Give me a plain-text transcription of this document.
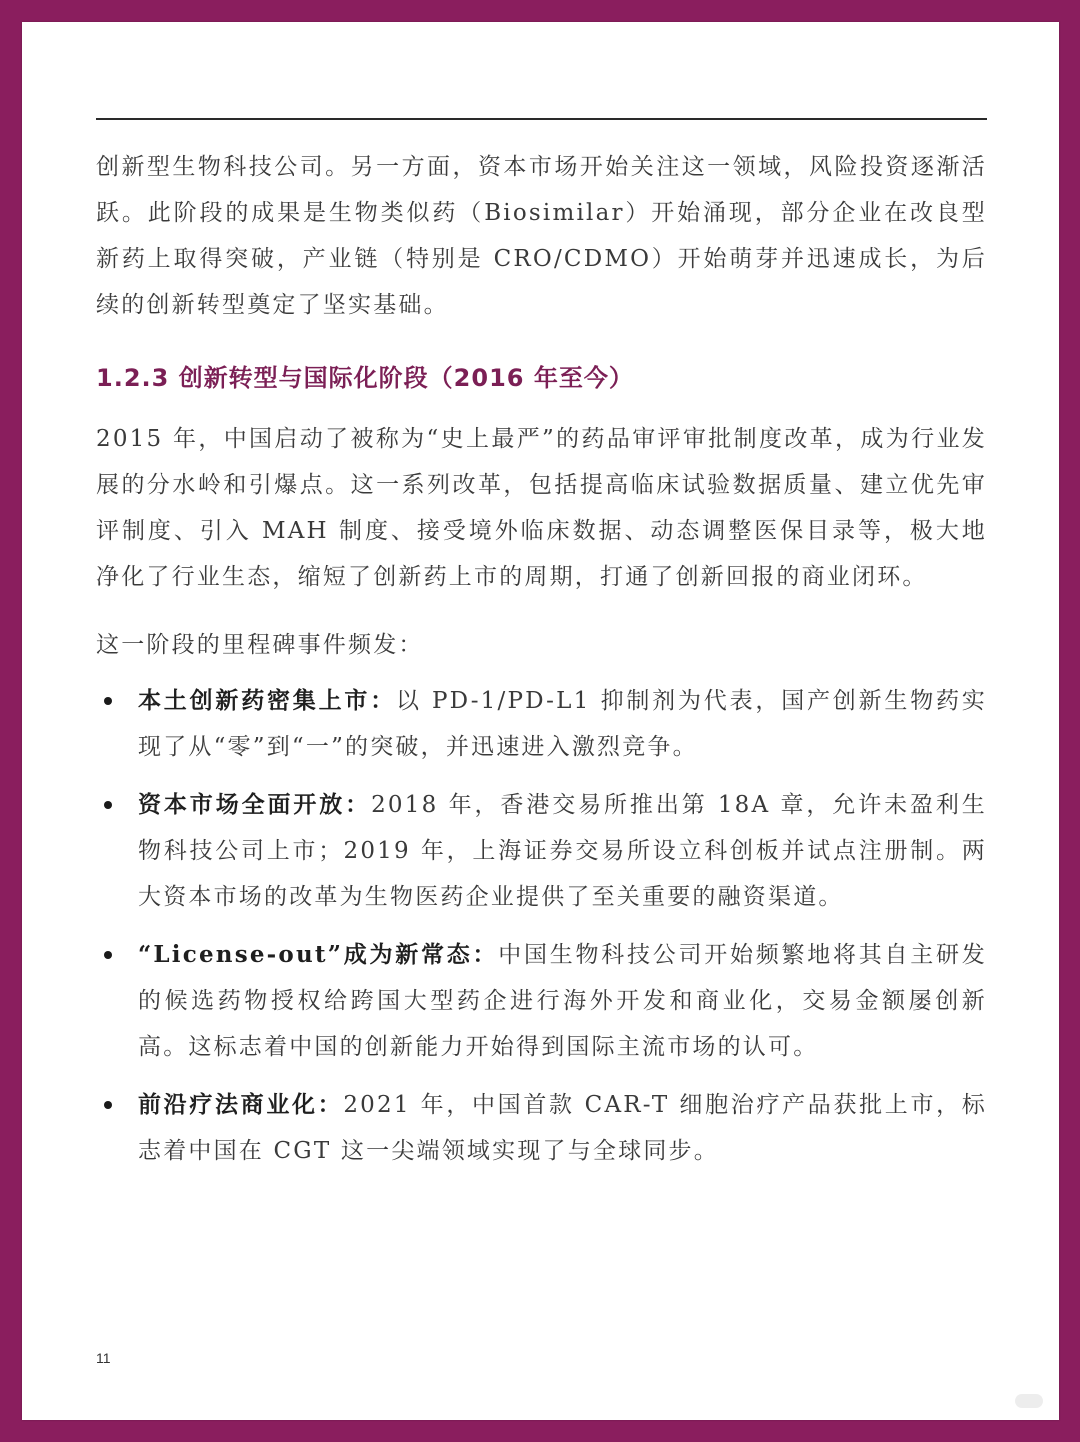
创新型生物科技公司。另一方面，资本市场开始关注这一领域，风险投资逐渐活跃。此阶段的成果是生物类似药（Biosimilar）开始涌现，部分企业在改良型新药上取得突破，产业链（特别是 CRO/CDMO）开始萌芽并迅速成长，为后续的创新转型奠定了坚实基础。

1.2.3 创新转型与国际化阶段（2016 年至今）

2015 年，中国启动了被称为“史上最严”的药品审评审批制度改革，成为行业发展的分水岭和引爆点。这一系列改革，包括提高临床试验数据质量、建立优先审评制度、引入 MAH 制度、接受境外临床数据、动态调整医保目录等，极大地净化了行业生态，缩短了创新药上市的周期，打通了创新回报的商业闭环。

这一阶段的里程碑事件频发：

本土创新药密集上市：以 PD-1/PD-L1 抑制剂为代表，国产创新生物药实现了从“零”到“一”的突破，并迅速进入激烈竞争。
资本市场全面开放：2018 年，香港交易所推出第 18A 章，允许未盈利生物科技公司上市；2019 年，上海证券交易所设立科创板并试点注册制。两大资本市场的改革为生物医药企业提供了至关重要的融资渠道。
“License-out”成为新常态：中国生物科技公司开始频繁地将其自主研发的候选药物授权给跨国大型药企进行海外开发和商业化，交易金额屡创新高。这标志着中国的创新能力开始得到国际主流市场的认可。
前沿疗法商业化：2021 年，中国首款 CAR-T 细胞治疗产品获批上市，标志着中国在 CGT 这一尖端领域实现了与全球同步。
11
